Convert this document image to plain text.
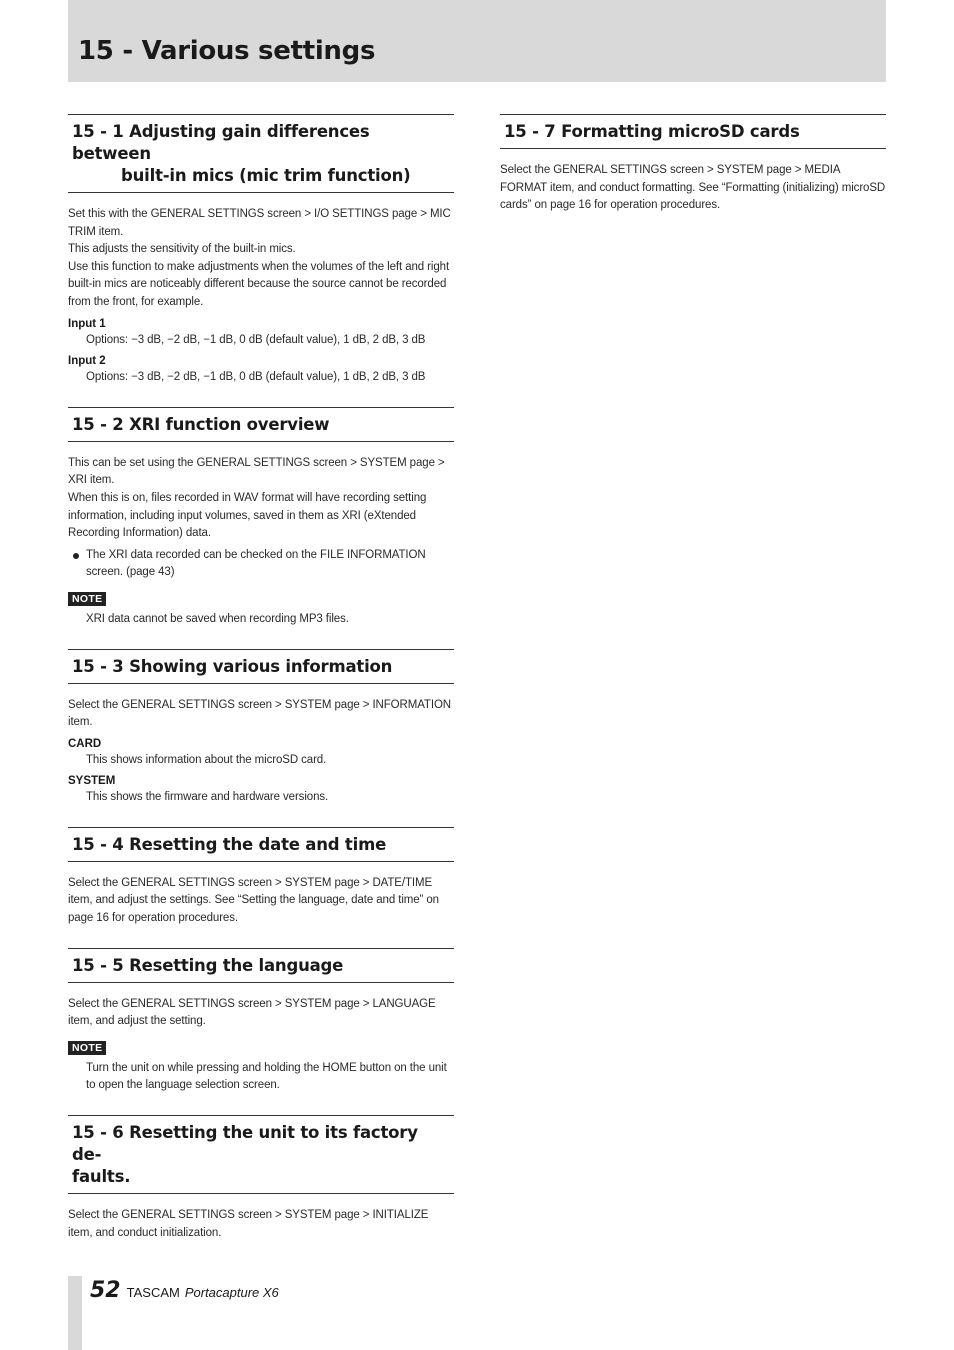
15 - Various settings
15 - 1 Adjusting gain differences between
built-in mics (mic trim function)

Set this with the GENERAL SETTINGS screen > I/O SETTINGS page > MIC TRIM item.

This adjusts the sensitivity of the built-in mics.

Use this function to make adjustments when the volumes of the left and right built-in mics are noticeably different because the source cannot be recorded from the front, for example.

Input 1
Options: −3 dB, −2 dB, −1 dB, 0 dB (default value), 1 dB, 2 dB, 3 dB
Input 2
Options: −3 dB, −2 dB, −1 dB, 0 dB (default value), 1 dB, 2 dB, 3 dB
15 - 2 XRI function overview

This can be set using the GENERAL SETTINGS screen > SYSTEM page > XRI item.

When this is on, files recorded in WAV format will have recording setting information, including input volumes, saved in them as XRI (eXtended Recording Information) data.

The XRI data recorded can be checked on the FILE INFORMATION screen. (page 43)
NOTE

XRI data cannot be saved when recording MP3 files.

15 - 3 Showing various information

Select the GENERAL SETTINGS screen > SYSTEM page > INFORMATION item.

CARD
This shows information about the microSD card.
SYSTEM
This shows the firmware and hardware versions.
15 - 4 Resetting the date and time

Select the GENERAL SETTINGS screen > SYSTEM page > DATE/TIME item, and adjust the settings. See “Setting the language, date and time” on page 16 for operation procedures.

15 - 5 Resetting the language

Select the GENERAL SETTINGS screen > SYSTEM page > LANGUAGE item, and adjust the setting.

NOTE

Turn the unit on while pressing and holding the HOME button on the unit to open the language selection screen.

15 - 6 Resetting the unit to its factory de-
faults.

Select the GENERAL SETTINGS screen > SYSTEM page > INITIALIZE item, and conduct initialization.

15 - 7 Formatting microSD cards

Select the GENERAL SETTINGS screen > SYSTEM page > MEDIA FORMAT item, and conduct formatting. See “Formatting (initializing) microSD cards” on page 16 for operation procedures.

52 TASCAM Portacapture X6
